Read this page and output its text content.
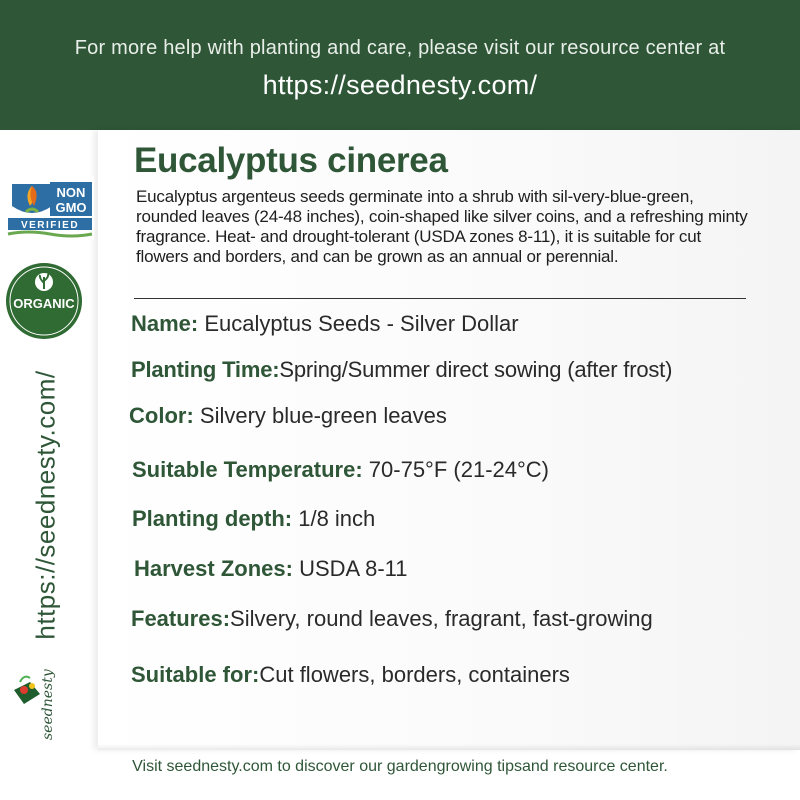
For more help with planting and care, please visit our resource center at
https://seednesty.com/
NON
GMO
VERIFIED
ORGANIC
https://seednesty.com/
seednesty
Eucalyptus cinerea
Eucalyptus argenteus seeds germinate into a shrub with sil-very-blue-green, rounded leaves (24-48 inches), coin-shaped like silver coins, and a refreshing minty fragrance. Heat- and drought-tolerant (USDA zones 8-11), it is suitable for cut flowers and borders, and can be grown as an annual or perennial.
Name: Eucalyptus Seeds - Silver Dollar
Planting Time:Spring/Summer direct sowing (after frost)
Color: Silvery blue-green leaves
Suitable Temperature: 70-75°F (21-24°C)
Planting depth: 1/8 inch
Harvest Zones: USDA 8-11
Features:Silvery, round leaves, fragrant, fast-growing
Suitable for:Cut flowers, borders, containers
Visit seednesty.com to discover our gardengrowing tipsand resource center.
